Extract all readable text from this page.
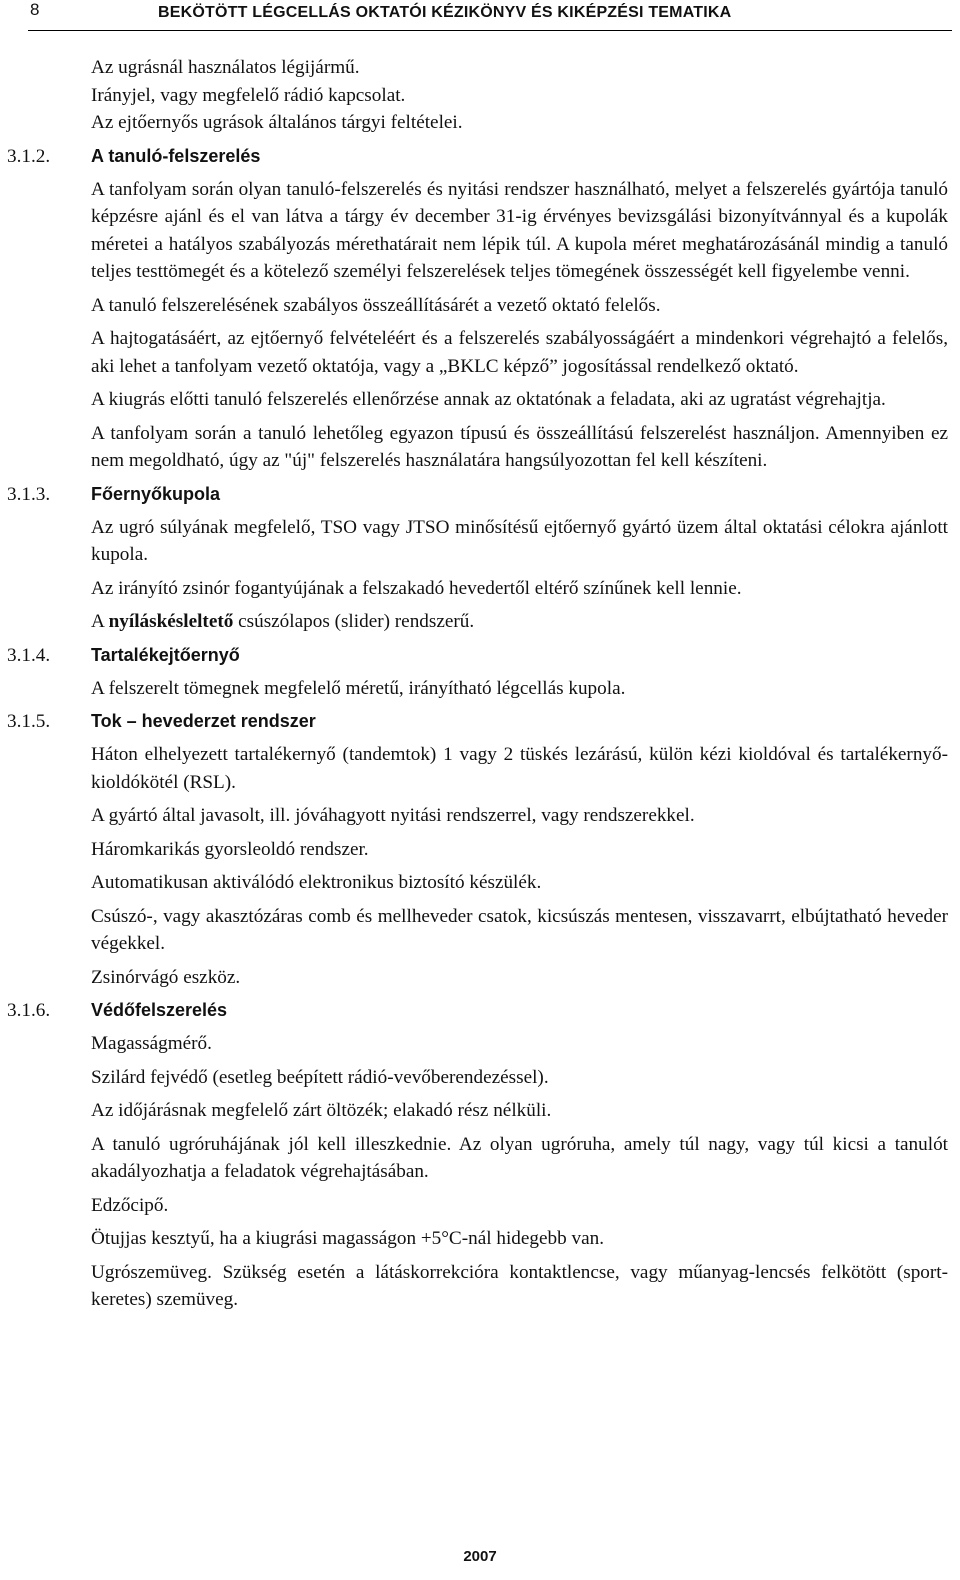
8	BEKÖTÖTT LÉGCELLÁS OKTATÓI KÉZIKÖNYV ÉS KIKÉPZÉSI TEMATIKA
Az ugrásnál használatos légijármű.
Irányjel, vagy megfelelő rádió kapcsolat.
Az ejtőernyős ugrások általános tárgyi feltételei.
3.1.2. A tanuló-felszerelés
A tanfolyam során olyan tanuló-felszerelés és nyitási rendszer használható, melyet a felszerelés gyártója tanuló képzésre ajánl és el van látva a tárgy év december 31-ig érvényes bevizsgálási bizonyítvánnyal és a kupolák méretei a hatályos szabályozás mérethatárait nem lépik túl. A kupola méret meghatározásánál mindig a tanuló teljes testtömegét és a kötelező személyi felszerelések teljes tömegének összességét kell figyelembe venni.
A tanuló felszerelésének szabályos összeállításárét a vezető oktató felelős.
A hajtogatásáért, az ejtőernyő felvételéért és a felszerelés szabályosságáért a mindenkori végrehajtó a felelős, aki lehet a tanfolyam vezető oktatója, vagy a „BKLC képző” jogosítással rendelkező oktató.
A kiugrás előtti tanuló felszerelés ellenőrzése annak az oktatónak a feladata, aki az ugratást végrehajtja.
A tanfolyam során a tanuló lehetőleg egyazon típusú és összeállítású felszerelést használjon. Amennyiben ez nem megoldható, úgy az "új" felszerelés használatára hangsúlyozottan fel kell készíteni.
3.1.3. Főernyőkupola
Az ugró súlyának megfelelő, TSO vagy JTSO minősítésű ejtőernyő gyártó üzem által oktatási célokra ajánlott kupola.
Az irányító zsinór fogantyújának a felszakadó hevedertől eltérő színűnek kell lennie.
A nyíláskésleltető csúszólapos (slider) rendszerű.
3.1.4. Tartalékejtőernyő
A felszerelt tömegnek megfelelő méretű, irányítható légcellás kupola.
3.1.5. Tok – hevederzet rendszer
Háton elhelyezett tartalékernyő (tandemtok) 1 vagy 2 tüskés lezárású, külön kézi kioldóval és tartalékernyő-kioldókötél (RSL).
A gyártó által javasolt, ill. jóváhagyott nyitási rendszerrel, vagy rendszerekkel.
Háromkarikás gyorsleoldó rendszer.
Automatikusan aktiválódó elektronikus biztosító készülék.
Csúszó-, vagy akasztózáras comb és mellheveder csatok, kicsúszás mentesen, visszavarrt, elbújtatható heveder végekkel.
Zsinórvágó eszköz.
3.1.6. Védőfelszerelés
Magasságmérő.
Szilárd fejvédő (esetleg beépített rádió-vevőberendezéssel).
Az időjárásnak megfelelő zárt öltözék; elakadó rész nélküli.
A tanuló ugróruhájának jól kell illeszkednie. Az olyan ugróruha, amely túl nagy, vagy túl kicsi a tanulót akadályozhatja a feladatok végrehajtásában.
Edzőcipő.
Ötujjas kesztyű, ha a kiugrási magasságon +5°C-nál hidegebb van.
Ugrószemüveg. Szükség esetén a látáskorrekcióra kontaktlencse, vagy műanyag-lencsés felkötött (sport-keretes) szemüveg.
2007
